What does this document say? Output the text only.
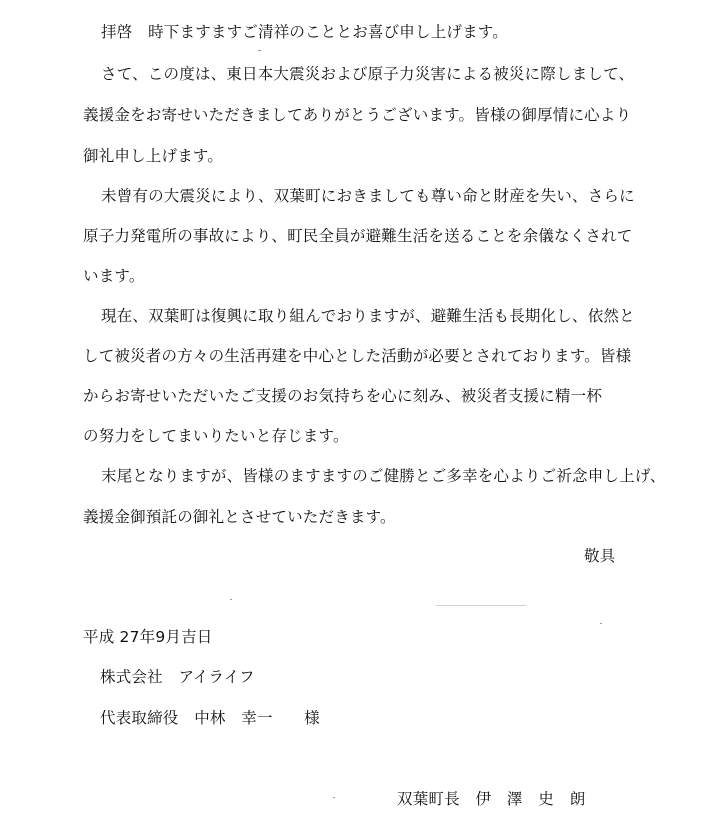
拝啓　時下ますますご清祥のこととお喜び申し上げます。
さて、この度は、東日本大震災および原子力災害による被災に際しまして、
義援金をお寄せいただきましてありがとうございます。皆様の御厚情に心より
御礼申し上げます。
未曾有の大震災により、双葉町におきましても尊い命と財産を失い、さらに
原子力発電所の事故により、町民全員が避難生活を送ることを余儀なくされて
います。
現在、双葉町は復興に取り組んでおりますが、避難生活も長期化し、依然と
して被災者の方々の生活再建を中心とした活動が必要とされております。皆様
からお寄せいただいたご支援のお気持ちを心に刻み、被災者支援に精一杯
の努力をしてまいりたいと存じます。
末尾となりますが、皆様のますますのご健勝とご多幸を心よりご祈念申し上げ、
義援金御預託の御礼とさせていただきます。
敬具
平成 27年9月吉日
株式会社　アイライフ
代表取締役　中林　幸一　　様
双葉町長　伊　澤　史　朗
